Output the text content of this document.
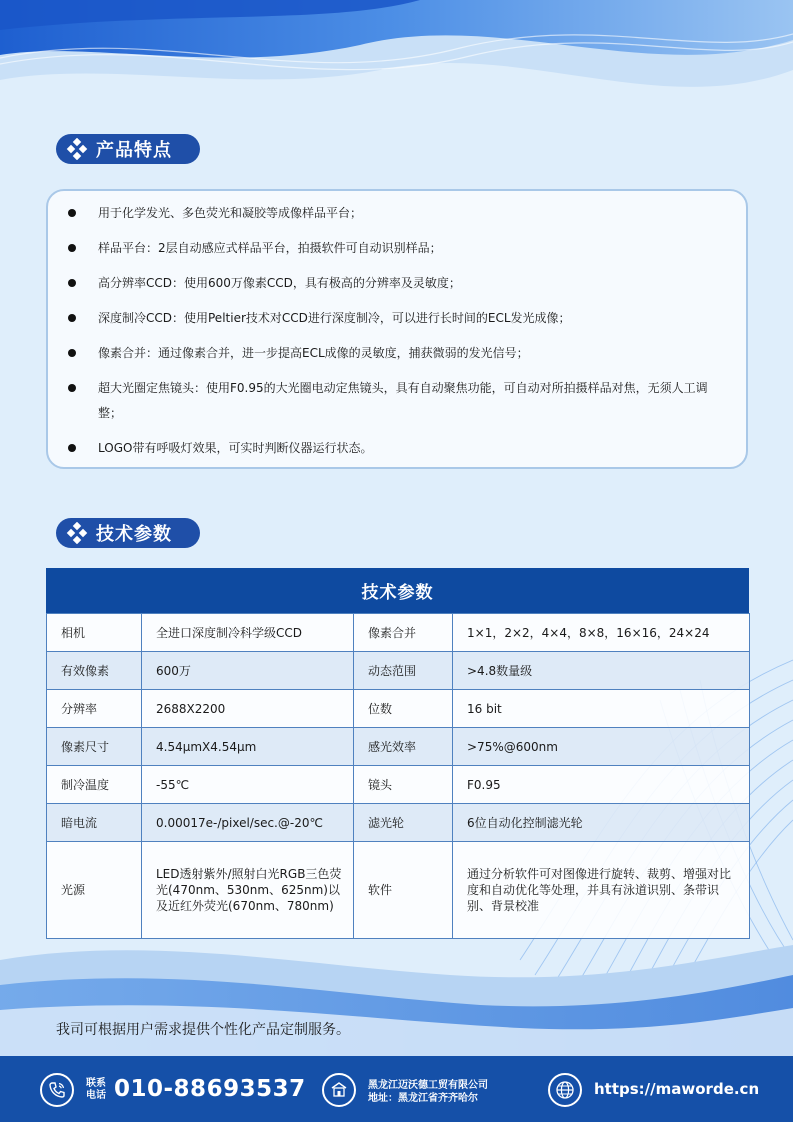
产品特点
用于化学发光、多色荧光和凝胶等成像样品平台；
样品平台：2层自动感应式样品平台，拍摄软件可自动识别样品；
高分辨率CCD：使用600万像素CCD，具有极高的分辨率及灵敏度；
深度制冷CCD：使用Peltier技术对CCD进行深度制冷，可以进行长时间的ECL发光成像；
像素合并：通过像素合并，进一步提高ECL成像的灵敏度，捕获微弱的发光信号；
超大光圈定焦镜头：使用F0.95的大光圈电动定焦镜头，具有自动聚焦功能，可自动对所拍摄样品对焦，无须人工调整；
LOGO带有呼吸灯效果，可实时判断仪器运行状态。
技术参数
技术参数
相机	全进口深度制冷科学级CCD	像素合并	1×1，2×2，4×4，8×8，16×16，24×24
有效像素	600万	动态范围	>4.8数量级
分辨率	2688X2200	位数	16 bit
像素尺寸	4.54μmX4.54μm	感光效率	>75%@600nm
制冷温度	-55℃	镜头	F0.95
暗电流	0.00017e-/pixel/sec.@-20℃	滤光轮	6位自动化控制滤光轮
光源	LED透射紫外/照射白光RGB三色荧光(470nm、530nm、625nm)以及近红外荧光(670nm、780nm)	软件	通过分析软件可对图像进行旋转、裁剪、增强对比度和自动优化等处理，并具有泳道识别、条带识别、背景校准
我司可根据用户需求提供个性化产品定制服务。
联系
电话 010-88693537	黑龙江迈沃德工贸有限公司
地址：黑龙江省齐齐哈尔
https://mawordе.cn
